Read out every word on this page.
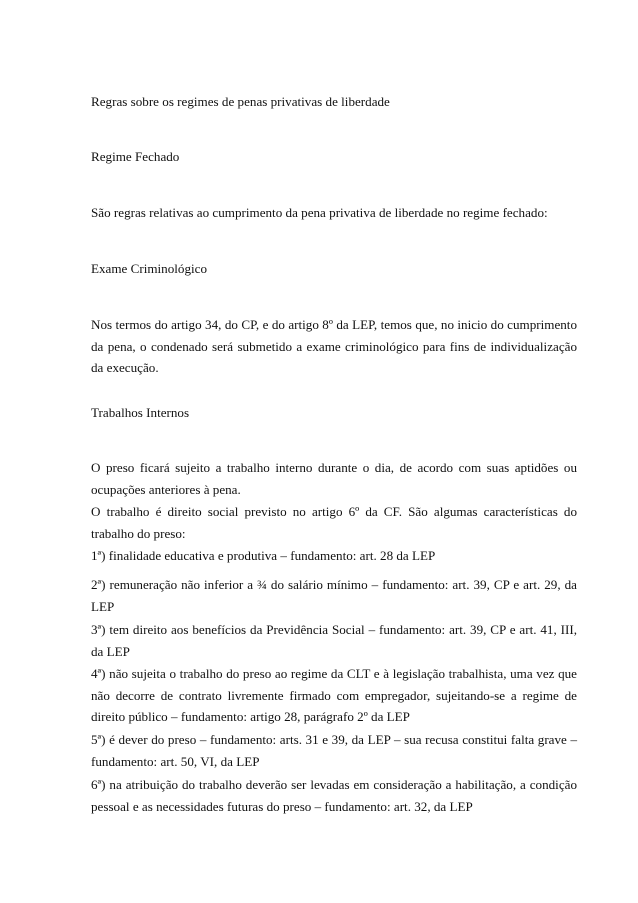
Regras sobre os regimes de penas privativas de liberdade

Regime Fechado

São regras relativas ao cumprimento da pena privativa de liberdade no regime fechado:

Exame Criminológico

Nos termos do artigo 34, do CP, e do artigo 8º da LEP, temos que, no inicio do cumprimento da pena, o condenado será submetido a exame criminológico para fins de individualização da execução.

Trabalhos Internos

O preso ficará sujeito a trabalho interno durante o dia, de acordo com suas aptidões ou ocupações anteriores à pena.

O trabalho é direito social previsto no artigo 6º da CF. São algumas características do trabalho do preso:

1ª) finalidade educativa e produtiva – fundamento: art. 28 da LEP

2ª) remuneração não inferior a ¾ do salário mínimo – fundamento: art. 39, CP e art. 29, da LEP

3ª) tem direito aos benefícios da Previdência Social – fundamento: art. 39, CP e art. 41, III, da LEP

4ª) não sujeita o trabalho do preso ao regime da CLT e à legislação trabalhista, uma vez que não decorre de contrato livremente firmado com empregador, sujeitando-se a regime de direito público – fundamento: artigo 28, parágrafo 2º da LEP

5ª) é dever do preso – fundamento: arts. 31 e 39, da LEP – sua recusa constitui falta grave – fundamento: art. 50, VI, da LEP

6ª) na atribuição do trabalho deverão ser levadas em consideração a habilitação, a condição pessoal e as necessidades futuras do preso – fundamento: art. 32, da LEP
